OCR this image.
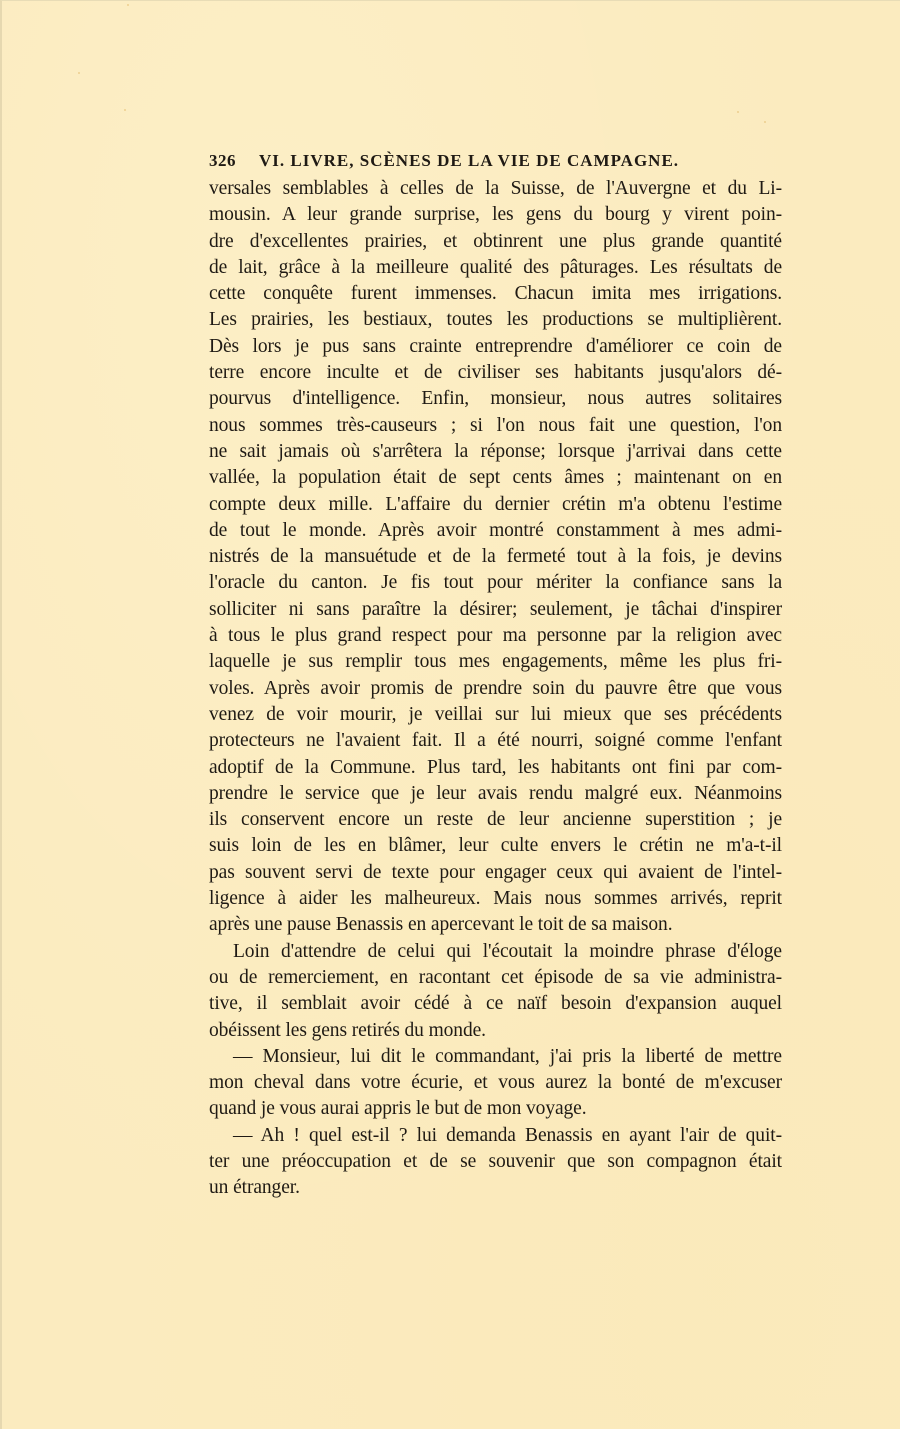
326	VI. LIVRE, SCÈNES DE LA VIE DE CAMPAGNE.
versales semblables à celles de la Suisse, de l'Auvergne et du Li-
mousin. A leur grande surprise, les gens du bourg y virent poin-
dre d'excellentes prairies, et obtinrent une plus grande quantité
de lait, grâce à la meilleure qualité des pâturages. Les résultats de
cette conquête furent immenses. Chacun imita mes irrigations.
Les prairies, les bestiaux, toutes les productions se multiplièrent.
Dès lors je pus sans crainte entreprendre d'améliorer ce coin de
terre encore inculte et de civiliser ses habitants jusqu'alors dé-
pourvus d'intelligence. Enfin, monsieur, nous autres solitaires
nous sommes très-causeurs ; si l'on nous fait une question, l'on
ne sait jamais où s'arrêtera la réponse; lorsque j'arrivai dans cette
vallée, la population était de sept cents âmes ; maintenant on en
compte deux mille. L'affaire du dernier crétin m'a obtenu l'estime
de tout le monde. Après avoir montré constamment à mes admi-
nistrés de la mansuétude et de la fermeté tout à la fois, je devins
l'oracle du canton. Je fis tout pour mériter la confiance sans la
solliciter ni sans paraître la désirer; seulement, je tâchai d'inspirer
à tous le plus grand respect pour ma personne par la religion avec
laquelle je sus remplir tous mes engagements, même les plus fri-
voles. Après avoir promis de prendre soin du pauvre être que vous
venez de voir mourir, je veillai sur lui mieux que ses précédents
protecteurs ne l'avaient fait. Il a été nourri, soigné comme l'enfant
adoptif de la Commune. Plus tard, les habitants ont fini par com-
prendre le service que je leur avais rendu malgré eux. Néanmoins
ils conservent encore un reste de leur ancienne superstition ; je
suis loin de les en blâmer, leur culte envers le crétin ne m'a-t-il
pas souvent servi de texte pour engager ceux qui avaient de l'intel-
ligence à aider les malheureux. Mais nous sommes arrivés, reprit
après une pause Benassis en apercevant le toit de sa maison.
Loin d'attendre de celui qui l'écoutait la moindre phrase d'éloge
ou de remerciement, en racontant cet épisode de sa vie administra-
tive, il semblait avoir cédé à ce naïf besoin d'expansion auquel
obéissent les gens retirés du monde.
— Monsieur, lui dit le commandant, j'ai pris la liberté de mettre
mon cheval dans votre écurie, et vous aurez la bonté de m'excuser
quand je vous aurai appris le but de mon voyage.
— Ah ! quel est-il ? lui demanda Benassis en ayant l'air de quit-
ter une préoccupation et de se souvenir que son compagnon était
un étranger.
